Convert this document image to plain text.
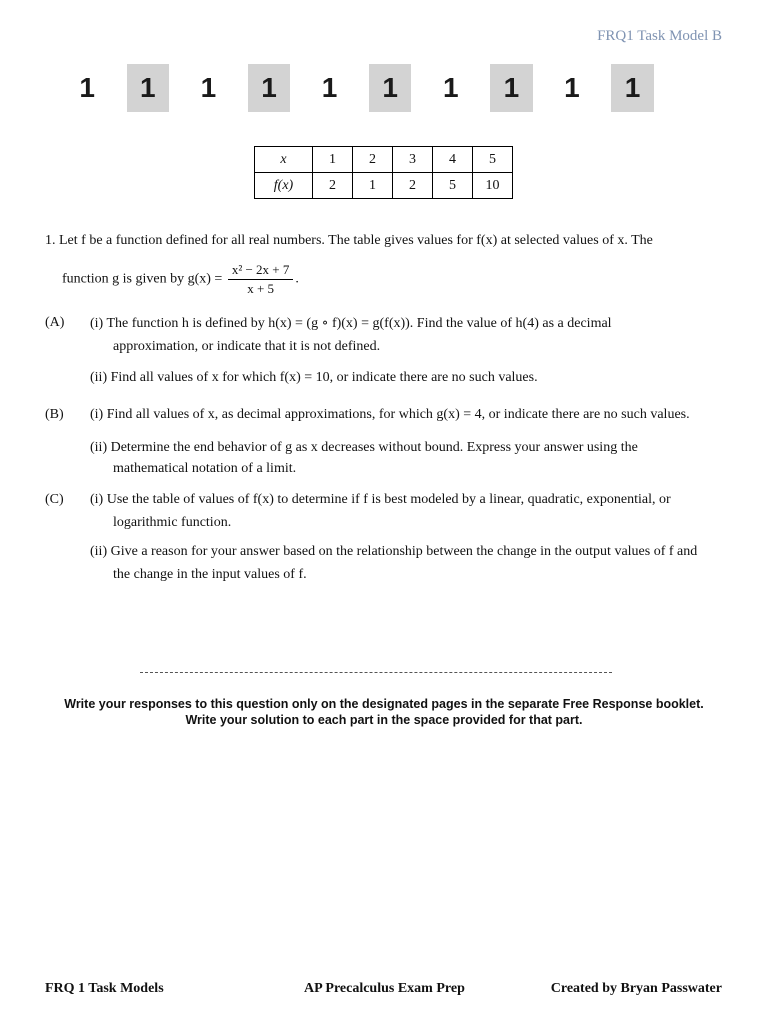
FRQ1 Task Model B
1	1	1	1	1	1	1	1	1	1
x	1	2	3	4	5
f(x)	2	1	2	5	10
1. Let f be a function defined for all real numbers. The table gives values for f(x) at selected values of x. The
function g is given by $g(x) = \frac{\text{x² − 2x + 7}}{x + 5}$ .
(A) (i) The function h is defined by h(x) = (g ∘ f)(x) = g(f(x)). Find the value of h(4) as a decimal
approximation, or indicate that it is not defined.
(ii) Find all values of x for which f(x) = 10, or indicate there are no such values.
(B) (i) Find all values of x, as decimal approximations, for which g(x) = 4, or indicate there are no such values.
(ii) Determine the end behavior of g as x decreases without bound. Express your answer using the
mathematical notation of a limit.
(C) (i) Use the table of values of f(x) to determine if f is best modeled by a linear, quadratic, exponential, or
logarithmic function.
(ii) Give a reason for your answer based on the relationship between the change in the output values of f and
the change in the input values of f.
Write your responses to this question only on the designated pages in the separate Free Response booklet.
Write your solution to each part in the space provided for that part.
FRQ 1 Task Models	AP Precalculus Exam Prep	Created by Bryan Passwater
